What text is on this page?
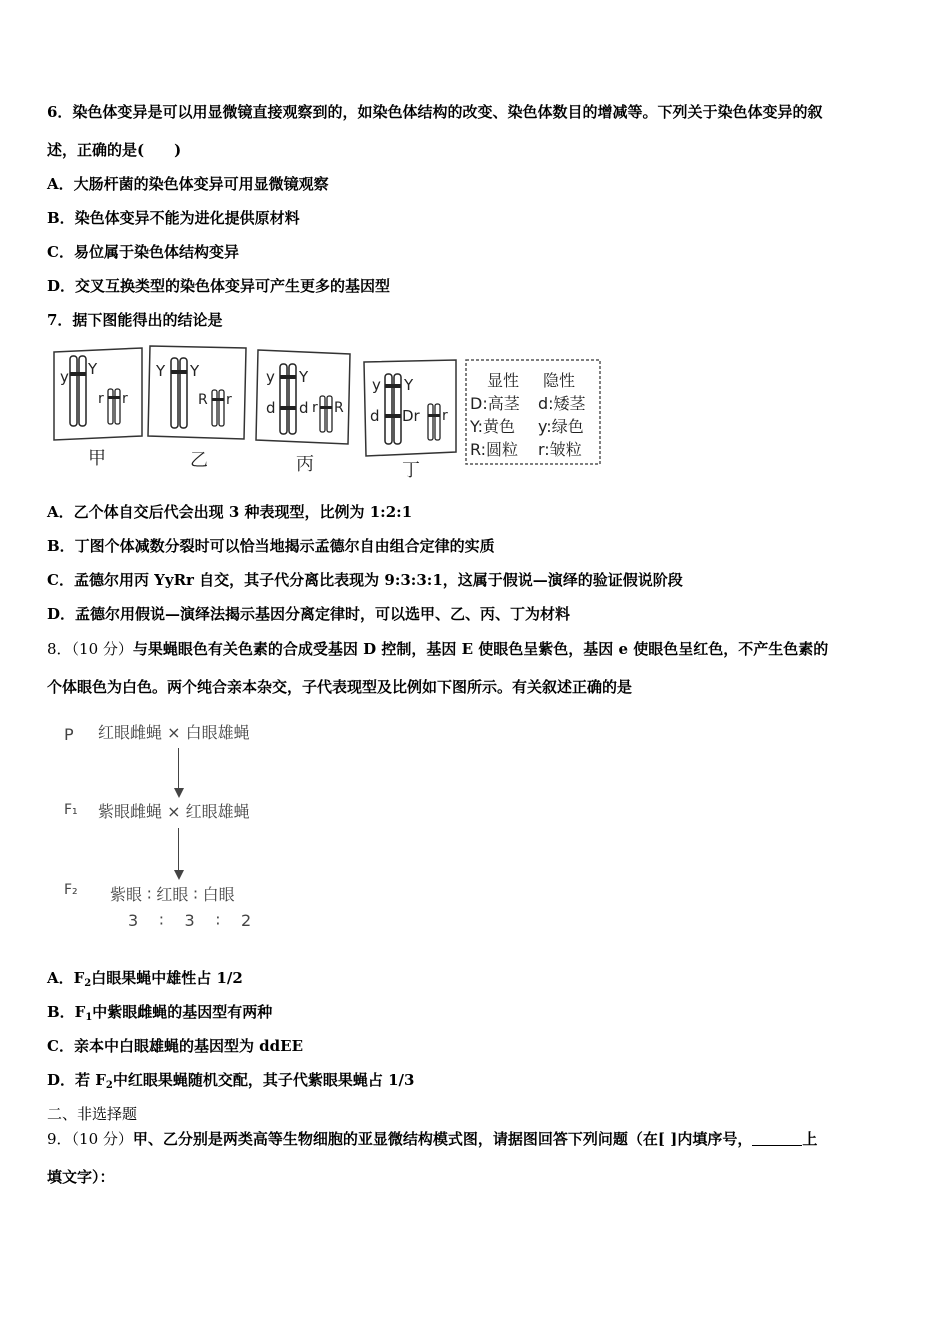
6．染色体变异是可以用显微镜直接观察到的，如染色体结构的改变、染色体数目的增减等。下列关于染色体变异的叙
述，正确的是(　　)
A．大肠杆菌的染色体变异可用显微镜观察
B．染色体变异不能为进化提供原材料
C．易位属于染色体结构变异
D．交叉互换类型的染色体变异可产生更多的基因型
7．据下图能得出的结论是
y Y
r r
甲
Y Y
R r
乙
y Y
d d r R
丙
y Y
d Dr r
丁
显性 隐性
D:高茎 d:矮茎
Y:黄色 y:绿色
R:圆粒 r:皱粒
A．乙个体自交后代会出现 3 种表现型，比例为 1:2:1
B．丁图个体减数分裂时可以恰当地揭示孟德尔自由组合定律的实质
C．孟德尔用丙 YyRr 自交，其子代分离比表现为 9:3:3:1，这属于假说—演绎的验证假说阶段
D．孟德尔用假说—演绎法揭示基因分离定律时，可以选甲、乙、丙、丁为材料
8．（10 分）与果蝇眼色有关色素的合成受基因 D 控制，基因 E 使眼色呈紫色，基因 e 使眼色呈红色，不产生色素的
个体眼色为白色。两个纯合亲本杂交，子代表现型及比例如下图所示。有关叙述正确的是
P 红眼雌蝇 × 白眼雄蝇
F₁ 紫眼雌蝇 × 红眼雄蝇
F₂ 紫眼 ∶ 红眼 ∶ 白眼
3　 ∶　 3　 ∶　 2
A．$F_2$白眼果蝇中雄性占 1/2
B．$F_1$中紫眼雌蝇的基因型有两种
C．亲本中白眼雄蝇的基因型为 ddEE
D．若 $F_2$中红眼果蝇随机交配，其子代紫眼果蝇占 1/3
二、非选择题
9．（10 分）甲、乙分别是两类高等生物细胞的亚显微结构模式图，请据图回答下列问题（在[ ]内填序号，	上
填文字）：
